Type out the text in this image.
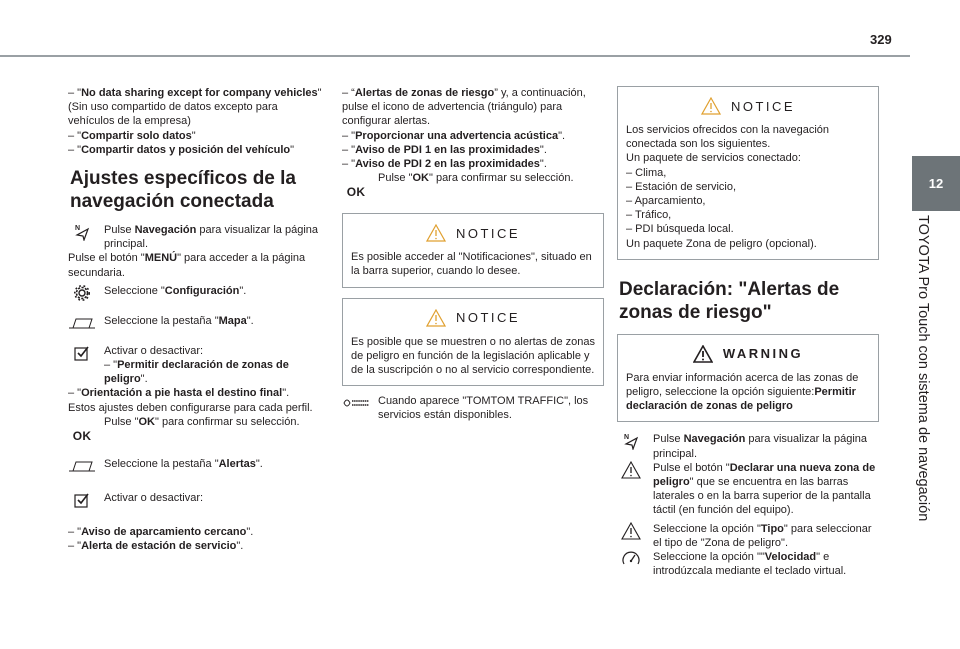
329
12
TOYOTA Pro Touch con sistema de navegación

– "No data sharing except for company vehicles" (Sin uso compartido de datos excepto para vehículos de la empresa)

– "Compartir solo datos"

– "Compartir datos y posición del vehículo"

Ajustes específicos de la navegación conectada
N Pulse Navegación para visualizar la página principal.

Pulse el botón "MENÚ" para acceder a la página secundaria.

Seleccione "Configuración".
Seleccione la pestaña "Mapa".
Activar o desactivar:
– "Permitir declaración de zonas de peligro".

– "Orientación a pie hasta el destino final".

Estos ajustes deben configurarse para cada perfil.

OK
Pulse "OK" para confirmar su selección.
Seleccione la pestaña "Alertas".
Activar o desactivar:

– "Aviso de aparcamiento cercano".

– "Alerta de estación de servicio".

– “Alertas de zonas de riesgo” y, a continuación, pulse el icono de advertencia (triángulo) para configurar alertas.

– "Proporcionar una advertencia acústica".

– "Aviso de PDI 1 en las proximidades".

– "Aviso de PDI 2 en las proximidades".

OK
Pulse "OK" para confirmar su selección.
NOTICE

Es posible acceder al "Notificaciones", situado en la barra superior, cuando lo desee.

NOTICE

Es posible que se muestren o no alertas de zonas de peligro en función de la legislación aplicable y de la suscripción o no al servicio correspondiente.

Cuando aparece "TOMTOM TRAFFIC", los servicios están disponibles.
NOTICE

Los servicios ofrecidos con la navegación conectada son los siguientes.

Un paquete de servicios conectado:

– Clima,

– Estación de servicio,

– Aparcamiento,

– Tráfico,

– PDI búsqueda local.

Un paquete Zona de peligro (opcional).

Declaración: "Alertas de zonas de riesgo"
WARNING

Para enviar información acerca de las zonas de peligro, seleccione la opción siguiente:Permitir declaración de zonas de peligro

N Pulse Navegación para visualizar la página principal.
Pulse el botón "Declarar una nueva zona de peligro" que se encuentra en las barras laterales o en la barra superior de la pantalla táctil (en función del equipo).
Seleccione la opción "Tipo" para seleccionar el tipo de "Zona de peligro".
Seleccione la opción ""Velocidad" e introdúzcala mediante el teclado virtual.
